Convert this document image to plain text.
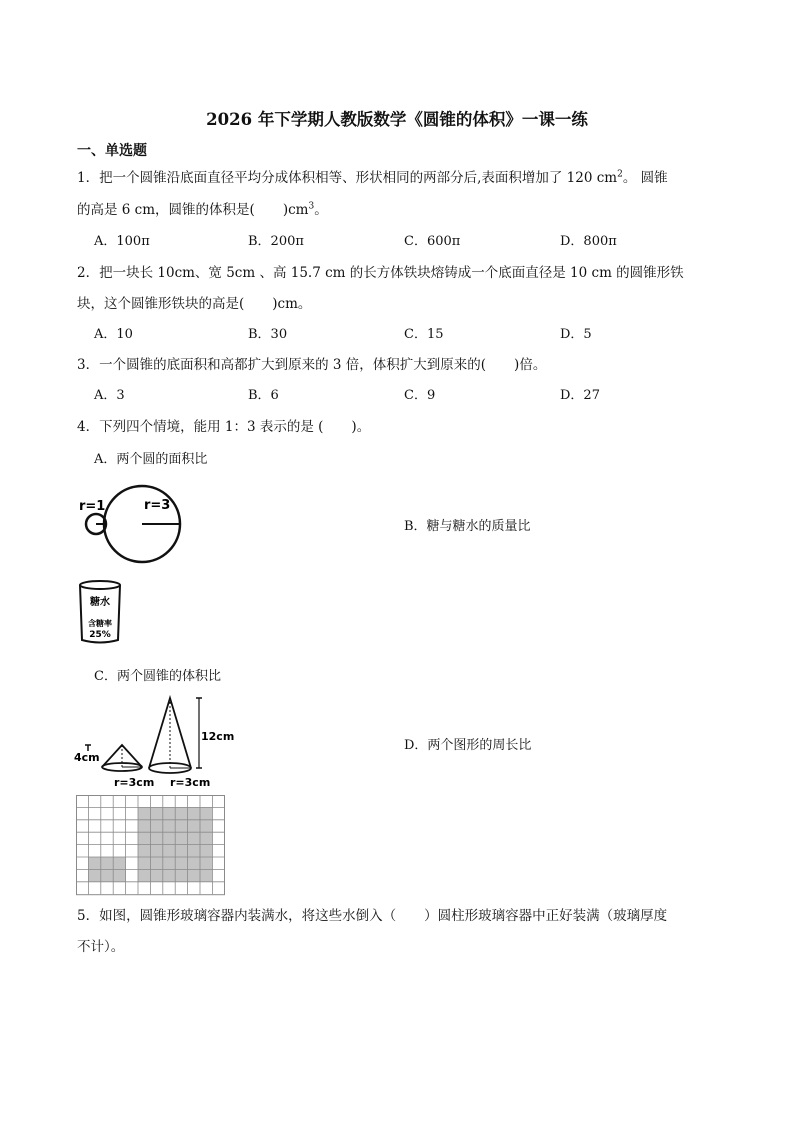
2026 年下学期人教版数学《圆锥的体积》一课一练
一、单选题
1．把一个圆锥沿底面直径平均分成体积相等、形状相同的两部分后,表面积增加了 120 $cm^2$。 圆锥
的高是 6 cm，圆锥的体积是( )$cm^3$。
A．100π	B．200π	C．600π	D．800π
2．把一块长 10cm、宽 5cm 、高 15.7 cm 的长方体铁块熔铸成一个底面直径是 10 cm 的圆锥形铁
块，这个圆锥形铁块的高是( )cm。
A．10	B．30	C．15	D．5
3．一个圆锥的底面积和高都扩大到原来的 3 倍，体积扩大到原来的( )倍。
A．3	B．6	C．9	D．27
4．下列四个情境，能用 1：3 表示的是 ( )。
A．两个圆的面积比
r=1	r=3
B．糖与糖水的质量比
糖水
含糖率
25%
C．两个圆锥的体积比
4cm
r=3cm
12cm
r=3cm
D．两个图形的周长比
5．如图，圆锥形玻璃容器内装满水，将这些水倒入（ ）圆柱形玻璃容器中正好装满（玻璃厚度
不计）。
